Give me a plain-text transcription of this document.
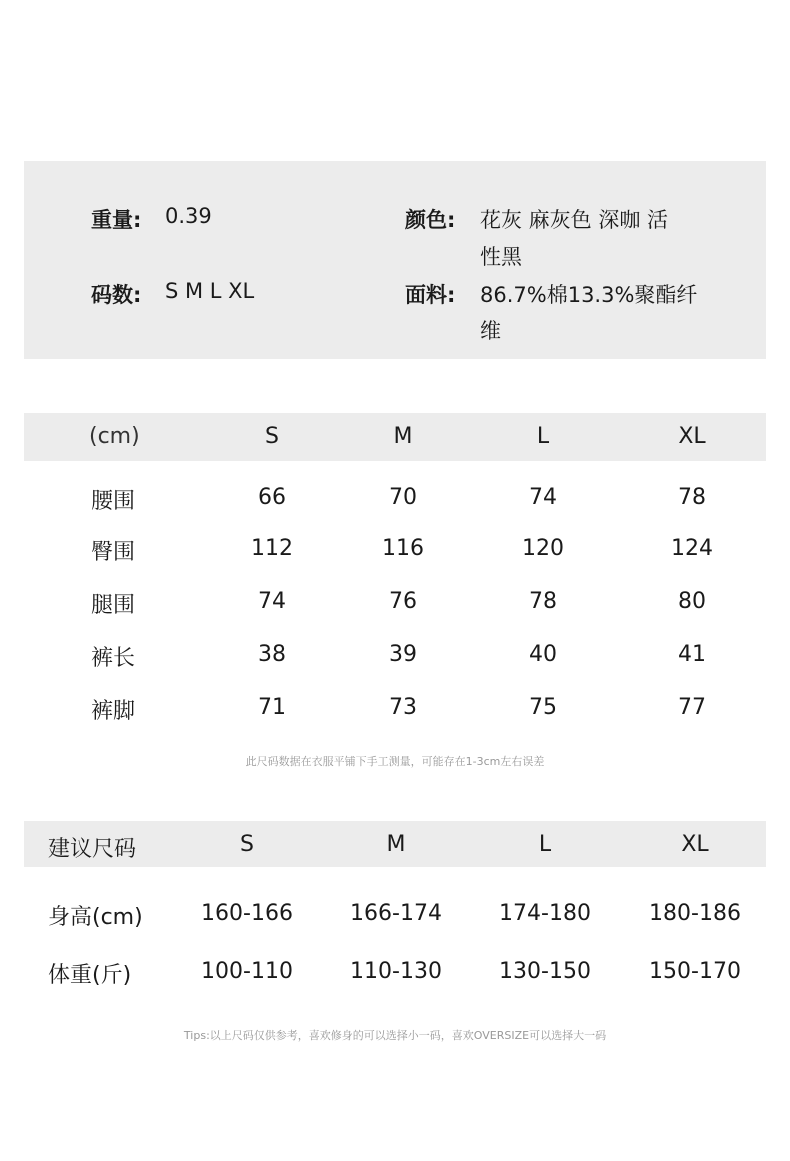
重量: 0.39
码数: S M L XL
颜色: 花灰 麻灰色 深咖 活
性黑
面料: 86.7%棉13.3%聚酯纤
维
(cm)	S	M	L	XL
腰围	66	70	74	78
臀围	112	116	120	124
腿围	74	76	78	80
裤长	38	39	40	41
裤脚	71	73	75	77
此尺码数据在衣服平铺下手工测量，可能存在1-3cm左右误差
建议尺码	S	M	L	XL
身高(cm)	160-166	166-174	174-180	180-186
体重(斤)	100-110	110-130	130-150	150-170
Tips:以上尺码仅供参考，喜欢修身的可以选择小一码，喜欢OVERSIZE可以选择大一码
